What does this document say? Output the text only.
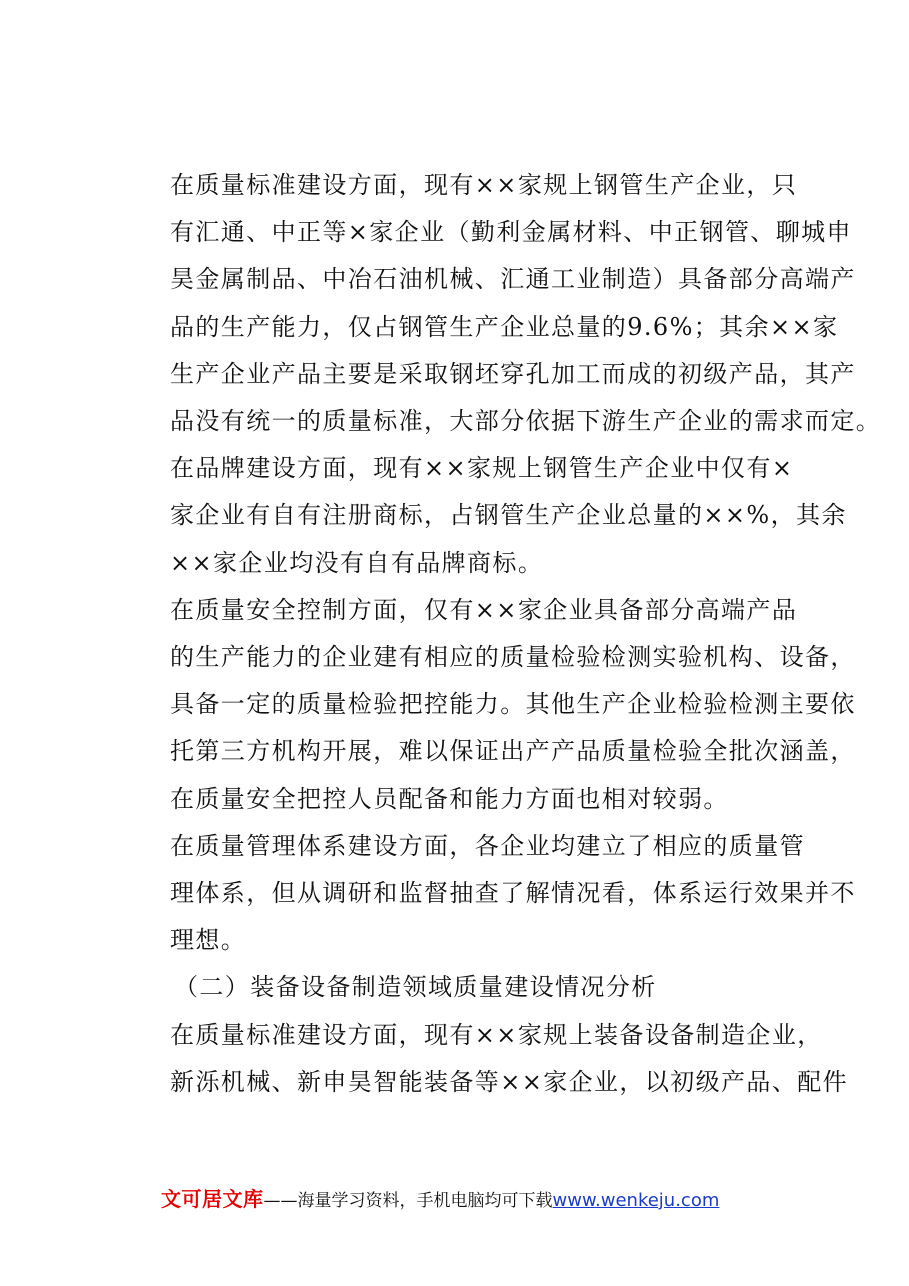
在质量标准建设方面，现有××家规上钢管生产企业，只
有汇通、中正等×家企业（勤利金属材料、中正钢管、聊城申
昊金属制品、中冶石油机械、汇通工业制造）具备部分高端产
品的生产能力，仅占钢管生产企业总量的9.6%；其余××家
生产企业产品主要是采取钢坯穿孔加工而成的初级产品，其产
品没有统一的质量标准，大部分依据下游生产企业的需求而定。

在品牌建设方面，现有××家规上钢管生产企业中仅有×
家企业有自有注册商标，占钢管生产企业总量的××%，其余
××家企业均没有自有品牌商标。

在质量安全控制方面，仅有××家企业具备部分高端产品
的生产能力的企业建有相应的质量检验检测实验机构、设备，
具备一定的质量检验把控能力。其他生产企业检验检测主要依
托第三方机构开展，难以保证出产产品质量检验全批次涵盖，
在质量安全把控人员配备和能力方面也相对较弱。

在质量管理体系建设方面，各企业均建立了相应的质量管
理体系，但从调研和监督抽查了解情况看，体系运行效果并不
理想。

（二）装备设备制造领域质量建设情况分析

在质量标准建设方面，现有××家规上装备设备制造企业，
新泺机械、新申昊智能装备等××家企业，以初级产品、配件

文可居文库——海量学习资料，手机电脑均可下载www.wenkeju.com
